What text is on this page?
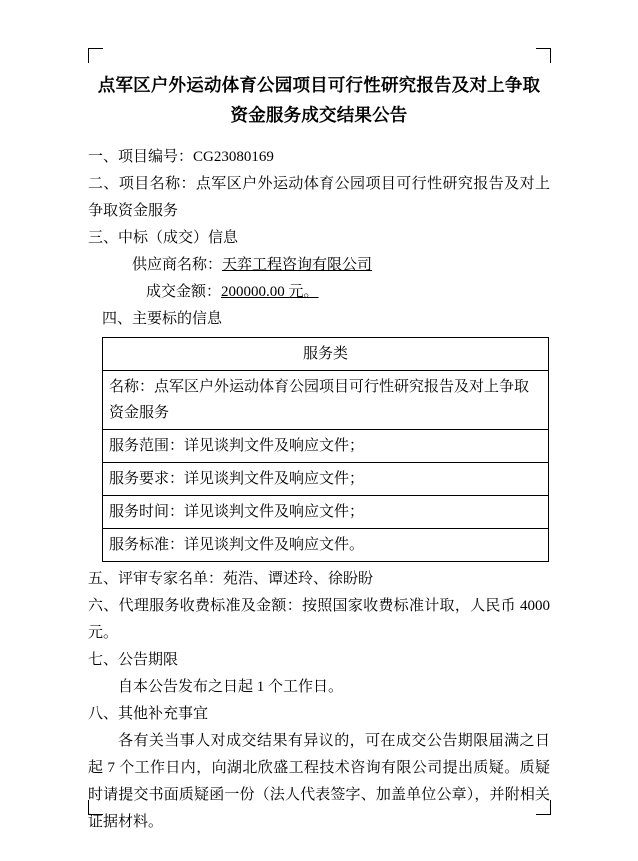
点军区户外运动体育公园项目可行性研究报告及对上争取
资金服务成交结果公告

一、项目编号：CG23080169

二、项目名称：点军区户外运动体育公园项目可行性研究报告及对上争取资金服务

三、中标（成交）信息

供应商名称：天弈工程咨询有限公司

成交金额：200000.00 元。

四、主要标的信息

服务类
名称：点军区户外运动体育公园项目可行性研究报告及对上争取资金服务
服务范围：详见谈判文件及响应文件；
服务要求：详见谈判文件及响应文件；
服务时间：详见谈判文件及响应文件；
服务标准：详见谈判文件及响应文件。

五、评审专家名单：苑浩、谭述玲、徐盼盼

六、代理服务收费标准及金额：按照国家收费标准计取，人民币 4000 元。

七、公告期限

自本公告发布之日起 1 个工作日。

八、其他补充事宜

各有关当事人对成交结果有异议的，可在成交公告期限届满之日起 7 个工作日内，向湖北欣盛工程技术咨询有限公司提出质疑。质疑时请提交书面质疑函一份（法人代表签字、加盖单位公章），并附相关证据材料。
